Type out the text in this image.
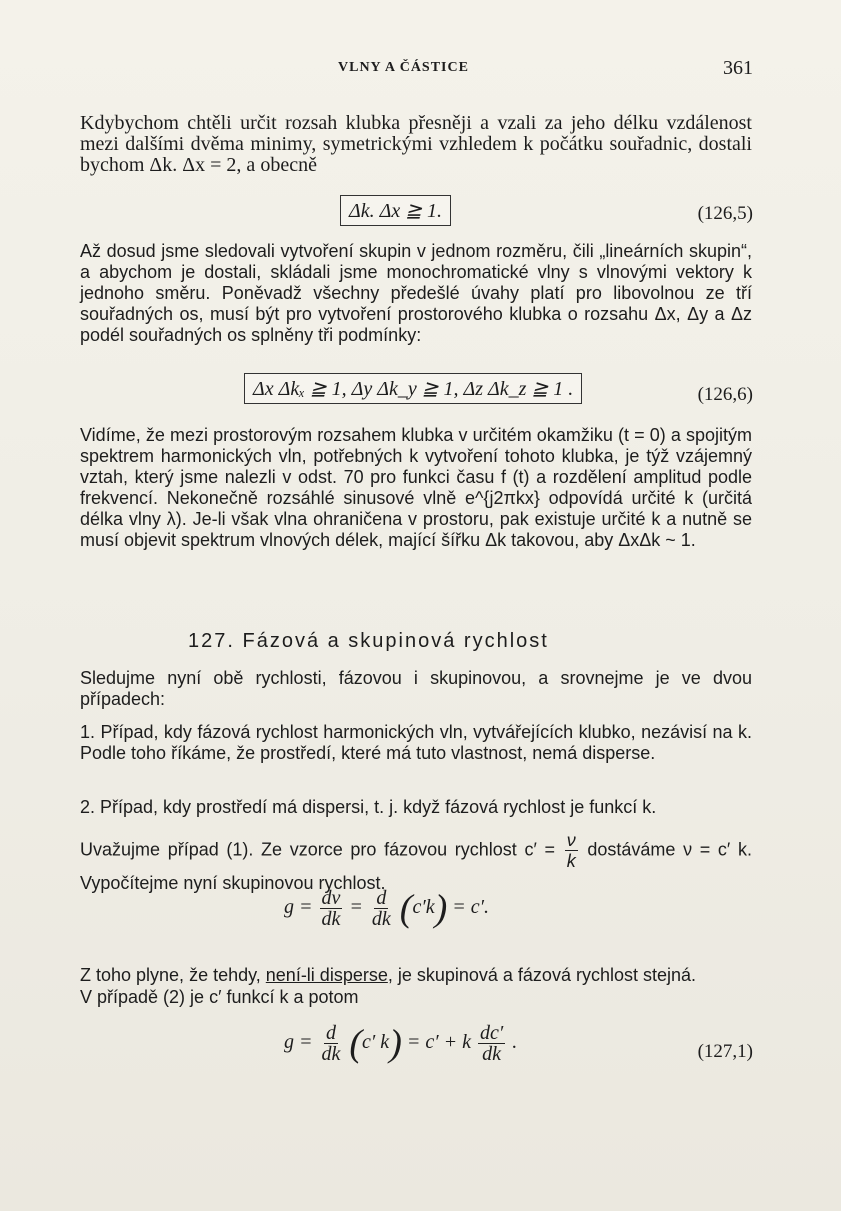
VLNY A ČÁSTICE	361
Kdybychom chtěli určit rozsah klubka přesněji a vzali za jeho délku vzdálenost mezi dalšími dvěma minimy, symetrickými vzhledem k počátku souřadnic, dostali bychom Δk. Δx = 2, a obecně
Δk. Δx ≧ 1.	(126,5)
Až dosud jsme sledovali vytvoření skupin v jednom rozměru, čili „lineárních skupin“, a abychom je dostali, skládali jsme monochromatické vlny s vlnovými vektory k jednoho směru. Poněvadž všechny předešlé úvahy platí pro libovolnou ze tří souřadných os, musí být pro vytvoření prostorového klubka o rozsahu Δx, Δy a Δz podél souřadných os splněny tři podmínky:
Δx Δkₓ ≧ 1, Δy Δk_y ≧ 1, Δz Δk_z ≧ 1 .	(126,6)
Vidíme, že mezi prostorovým rozsahem klubka v určitém okamžiku (t = 0) a spojitým spektrem harmonických vln, potřebných k vytvoření tohoto klubka, je týž vzájemný vztah, který jsme nalezli v odst. 70 pro funkci času f (t) a rozdělení amplitud podle frekvencí. Nekonečně rozsáhlé sinusové vlně e^{j2πkx} odpovídá určité k (určitá délka vlny λ). Je-li však vlna ohraničena v prostoru, pak existuje určité k a nutně se musí objevit spektrum vlnových délek, mající šířku Δk takovou, aby ΔxΔk ~ 1.
127. Fázová a skupinová rychlost
Sledujme nyní obě rychlosti, fázovou i skupinovou, a srovnejme je ve dvou případech:
1. Případ, kdy fázová rychlost harmonických vln, vytvářejících klubko, nezávisí na k. Podle toho říkáme, že prostředí, které má tuto vlastnost, nemá disperse.
2. Případ, kdy prostředí má dispersi, t. j. když fázová rychlost je funkcí k.
Uvažujme případ (1). Ze vzorce pro fázovou rychlost $c' = \frac{\nu}{k}$ dostáváme ν = c′ k. Vypočítejme nyní skupinovou rychlost.
$g = \frac{d\nu}{dk} = \frac{d}{dk} (c'k) = c'$.
Z toho plyne, že tehdy, není-li disperse, je skupinová a fázová rychlost stejná.
V případě (2) je c′ funkcí k a potom
$g = \frac{d}{dk} (c'$ k) = c′ + k $\frac{dc'}{dk}$ .	(127,1)
